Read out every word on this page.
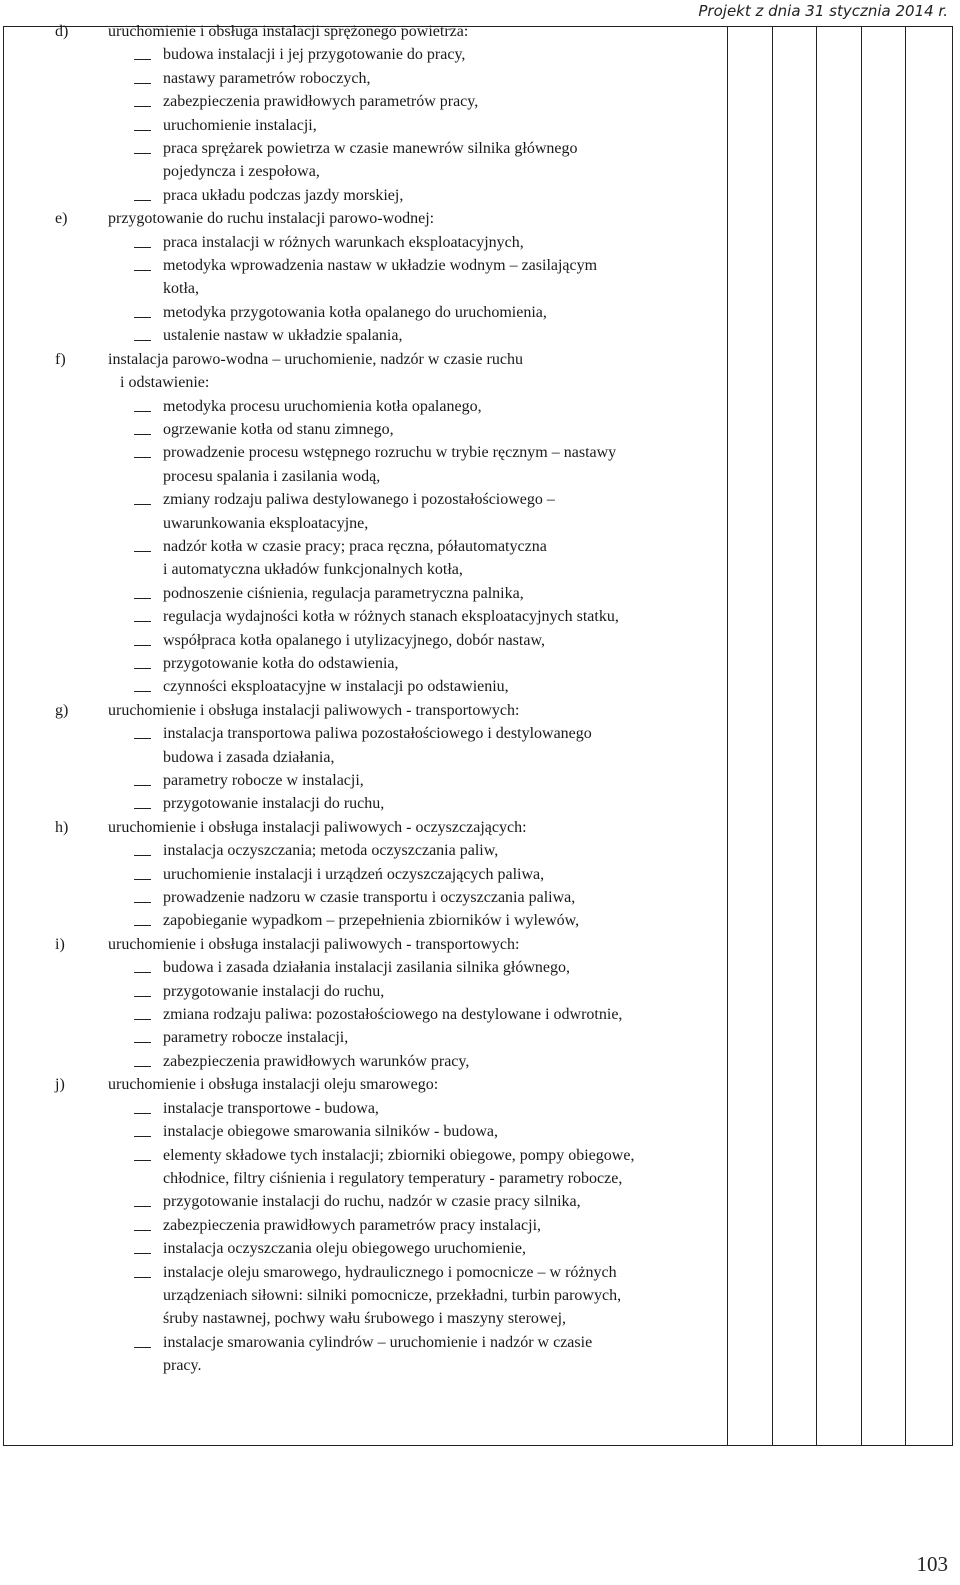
Projekt z dnia 31 stycznia 2014 r.
d) uruchomienie i obsługa instalacji sprężonego powietrza:
budowa instalacji i jej przygotowanie do pracy,
nastawy parametrów roboczych,
zabezpieczenia prawidłowych parametrów pracy,
uruchomienie instalacji,
praca sprężarek powietrza w czasie manewrów silnika głównego
pojedyncza i zespołowa,
praca układu podczas jazdy morskiej,
e)	przygotowanie do ruchu instalacji parowo-wodnej:
praca instalacji w różnych warunkach eksploatacyjnych,
metodyka wprowadzenia nastaw w układzie wodnym – zasilającym
kotła,
metodyka przygotowania kotła opalanego do uruchomienia,
ustalenie nastaw w układzie spalania,
f)	instalacja parowo-wodna – uruchomienie, nadzór w czasie ruchu
i odstawienie:
metodyka procesu uruchomienia kotła opalanego,
ogrzewanie kotła od stanu zimnego,
prowadzenie procesu wstępnego rozruchu w trybie ręcznym – nastawy
procesu spalania i zasilania wodą,
zmiany rodzaju paliwa destylowanego i pozostałościowego –
uwarunkowania eksploatacyjne,
nadzór kotła w czasie pracy; praca ręczna, półautomatyczna
i automatyczna układów funkcjonalnych kotła,
podnoszenie ciśnienia, regulacja parametryczna palnika,
regulacja wydajności kotła w różnych stanach eksploatacyjnych statku,
współpraca kotła opalanego i utylizacyjnego, dobór nastaw,
przygotowanie kotła do odstawienia,
czynności eksploatacyjne w instalacji po odstawieniu,
g) uruchomienie i obsługa instalacji paliwowych - transportowych:
instalacja transportowa paliwa pozostałościowego i destylowanego
budowa i zasada działania,
parametry robocze w instalacji,
przygotowanie instalacji do ruchu,
h) uruchomienie i obsługa instalacji paliwowych - oczyszczających:
instalacja oczyszczania; metoda oczyszczania paliw,
uruchomienie instalacji i urządzeń oczyszczających paliwa,
prowadzenie nadzoru w czasie transportu i oczyszczania paliwa,
zapobieganie wypadkom – przepełnienia zbiorników i wylewów,
i)	uruchomienie i obsługa instalacji paliwowych - transportowych:
budowa i zasada działania instalacji zasilania silnika głównego,
przygotowanie instalacji do ruchu,
zmiana rodzaju paliwa: pozostałościowego na destylowane i odwrotnie,
parametry robocze instalacji,
zabezpieczenia prawidłowych warunków pracy,
j)	uruchomienie i obsługa instalacji oleju smarowego:
instalacje transportowe - budowa,
instalacje obiegowe smarowania silników - budowa,
elementy składowe tych instalacji; zbiorniki obiegowe, pompy obiegowe,
chłodnice, filtry ciśnienia i regulatory temperatury - parametry robocze,
przygotowanie instalacji do ruchu, nadzór w czasie pracy silnika,
zabezpieczenia prawidłowych parametrów pracy instalacji,
instalacja oczyszczania oleju obiegowego uruchomienie,
instalacje oleju smarowego, hydraulicznego i pomocnicze – w różnych
urządzeniach siłowni: silniki pomocnicze, przekładni, turbin parowych,
śruby nastawnej, pochwy wału śrubowego i maszyny sterowej,
instalacje smarowania cylindrów – uruchomienie i nadzór w czasie
pracy.
103
